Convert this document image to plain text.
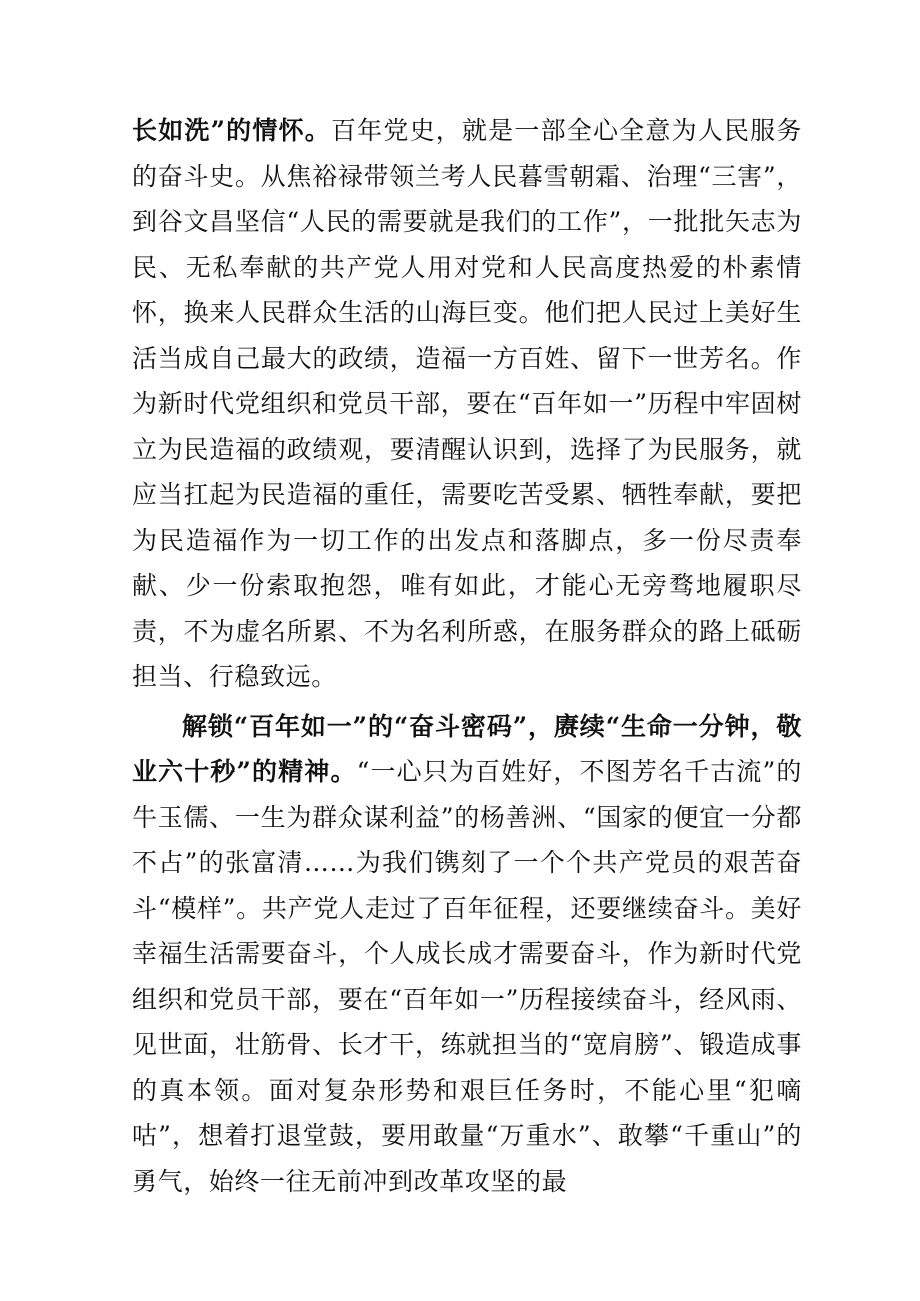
长如洗”的情怀。百年党史，就是一部全心全意为人民服务的奋斗史。从焦裕禄带领兰考人民暮雪朝霜、治理“三害”，到谷文昌坚信“人民的需要就是我们的工作”，一批批矢志为民、无私奉献的共产党人用对党和人民高度热爱的朴素情怀，换来人民群众生活的山海巨变。他们把人民过上美好生活当成自己最大的政绩，造福一方百姓、留下一世芳名。作为新时代党组织和党员干部，要在“百年如一”历程中牢固树立为民造福的政绩观，要清醒认识到，选择了为民服务，就应当扛起为民造福的重任，需要吃苦受累、牺牲奉献，要把为民造福作为一切工作的出发点和落脚点，多一份尽责奉献、少一份索取抱怨，唯有如此，才能心无旁骛地履职尽责，不为虚名所累、不为名利所惑，在服务群众的路上砥砺担当、行稳致远。

解锁“百年如一”的“奋斗密码”，赓续“生命一分钟，敬业六十秒”的精神。“一心只为百姓好，不图芳名千古流”的牛玉儒、一生为群众谋利益”的杨善洲、“国家的便宜一分都不占”的张富清……为我们镌刻了一个个共产党员的艰苦奋斗“模样”。共产党人走过了百年征程，还要继续奋斗。美好幸福生活需要奋斗，个人成长成才需要奋斗，作为新时代党组织和党员干部，要在“百年如一”历程接续奋斗，经风雨、见世面，壮筋骨、长才干，练就担当的“宽肩膀”、锻造成事的真本领。面对复杂形势和艰巨任务时，不能心里“犯嘀咕”，想着打退堂鼓，要用敢量“万重水”、敢攀“千重山”的勇气，始终一往无前冲到改革攻坚的最
